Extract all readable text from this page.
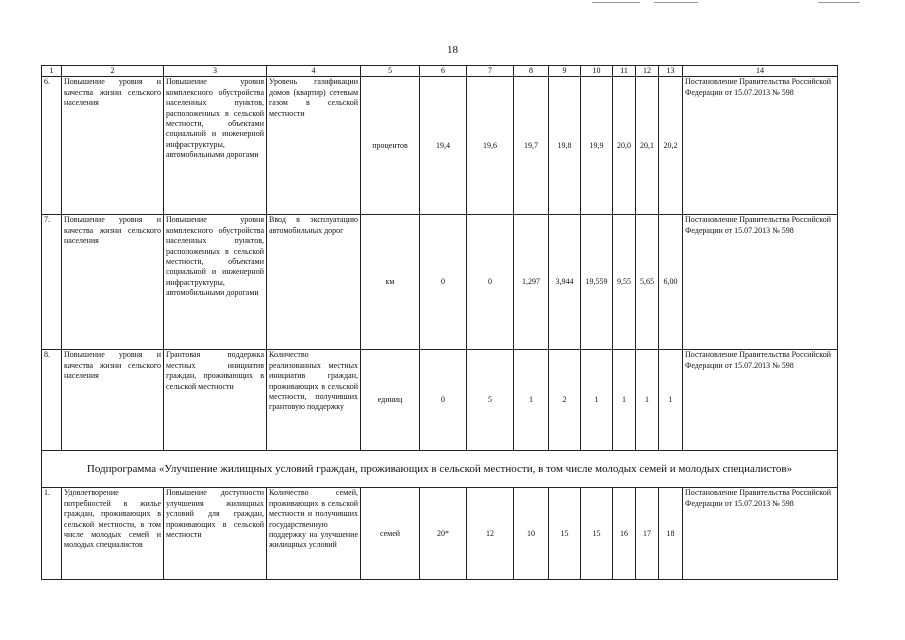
18
1	2	3	4	5	6	7	8	9	10	11	12	13	14
6.	Повышение уровня и качества жизни сельского населения	Повышение уровня комплексного обустройства населенных пунктов, расположенных в сельской местности, объектами социальной и инженерной инфраструктуры, автомобильными дорогами	Уровень газификации домов (квартир) сетевым газом в сельской местности	процентов	19,4	19,6	19,7	19,8	19,9	20,0	20,1	20,2	Постановление Правительства Российской Федерации от 15.07.2013 № 598
7.	Повышение уровня и качества жизни сельского населения	Повышение уровня комплексного обустройства населенных пунктов, расположенных в сельской местности, объектами социальной и инженерной инфраструктуры, автомобильными дорогами	Ввод в эксплуатацию автомобильных дорог	км	0	0	1,297	3,944	19,559	9,55	5,65	6,00	Постановление Правительства Российской Федерации от 15.07.2013 № 598
8.	Повышение уровня и качества жизни сельского населения	Грантовая поддержка местных инициатив граждан, проживающих в сельской местности	Количество реализованных местных инициатив граждан, проживающих в сельской местности, получивших грантовую поддержку	единиц	0	5	1	2	1	1	1	1	Постановление Правительства Российской Федерации от 15.07.2013 № 598
Подпрограмма «Улучшение жилищных условий граждан, проживающих в сельской местности, в том числе молодых семей и молодых специалистов»													
1.	Удовлетворение потребностей в жилье граждан, проживающих в сельской местности, в том числе молодых семей и молодых специалистов	Повышение доступности улучшения жилищных условий для граждан, проживающих в сельской местности	Количество семей, проживающих в сельской местности и получивших государственную поддержку на улучшение жилищных условий	семей	20*	12	10	15	15	16	17	18	Постановление Правительства Российской Федерации от 15.07.2013 № 598
